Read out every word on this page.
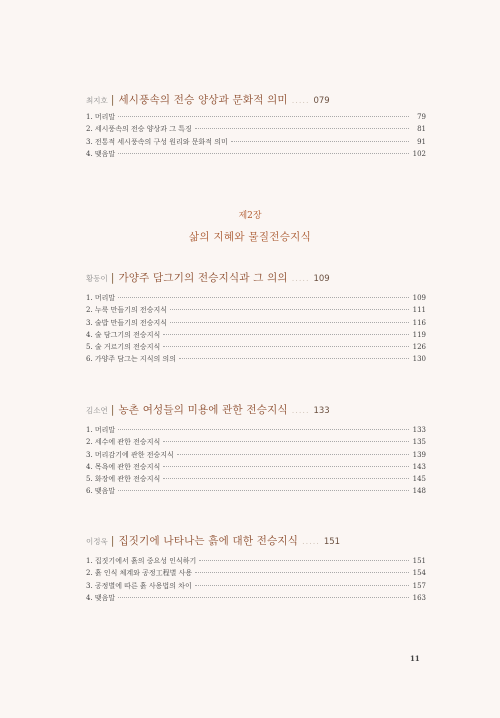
최지호 | 세시풍속의 전승 양상과 문화적 의미 ..... 079
1. 머리말	79
2. 세시풍속의 전승 양상과 그 특징	81
3. 전통적 세시풍속의 구성 원리와 문화적 의미	91
4. 맺음말	102
제2장
삶의 지혜와 물질전승지식
황동이 | 가양주 담그기의 전승지식과 그 의의 ..... 109
1. 머리말	109
2. 누룩 만들기의 전승지식	111
3. 술밥 만들기의 전승지식	116
4. 술 담그기의 전승지식	119
5. 술 거르기의 전승지식	126
6. 가양주 담그는 지식의 의의	130
김소연 | 농촌 여성들의 미용에 관한 전승지식 ..... 133
1. 머리말	133
2. 세수에 관한 전승지식	135
3. 머리감기에 관한 전승지식	139
4. 목욕에 관한 전승지식	143
5. 화장에 관한 전승지식	145
6. 맺음말	148
이정욱 | 집짓기에 나타나는 흙에 대한 전승지식 ..... 151
1. 집짓기에서 흙의 중요성 인식하기	151
2. 흙 인식 체계와 공정工程별 사용	154
3. 공정별에 따른 흙 사용법의 차이	157
4. 맺음말	163
11
